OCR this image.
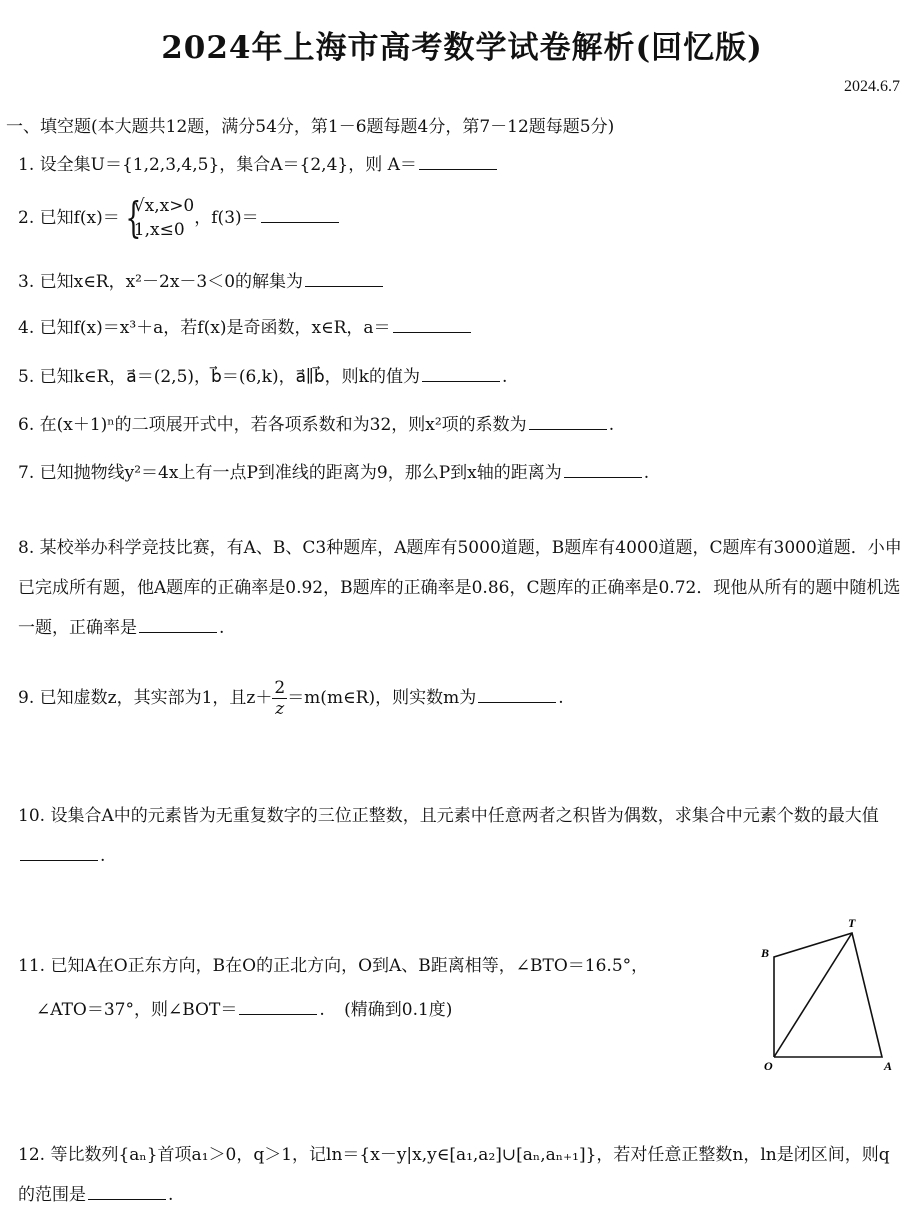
2024年上海市高考数学试卷解析(回忆版)
2024.6.7
一、填空题(本大题共12题，满分54分，第1－6题每题4分，第7－12题每题5分)
1. 设全集U＝{1,2,3,4,5}，集合A＝{2,4}，则 A＝
2. 已知f(x)＝ {
√x,x>0
1,x≤0
，f(3)＝
3. 已知x∈R，x²－2x－3＜0的解集为
4. 已知f(x)＝x³＋a，若f(x)是奇函数，x∈R，a＝
5. 已知k∈R，a⃗＝(2,5)，b⃗＝(6,k)，a⃗∥b⃗，则k的值为	.
6. 在(x＋1)ⁿ的二项展开式中，若各项系数和为32，则x²项的系数为	.
7. 已知抛物线y²＝4x上有一点P到准线的距离为9，那么P到x轴的距离为	.
8. 某校举办科学竞技比赛，有A、B、C3种题库，A题库有5000道题，B题库有4000道题，C题库有3000道题．小申已完成所有题，他A题库的正确率是0.92，B题库的正确率是0.86，C题库的正确率是0.72．现他从所有的题中随机选一题，正确率是	.
9. 已知虚数z，其实部为1，且$z+ \frac{2}{z}$ ＝m(m∈R)，则实数m为	.
10. 设集合A中的元素皆为无重复数字的三位正整数，且元素中任意两者之积皆为偶数，求集合中元素个数的最大值.
11. 已知A在O正东方向，B在O的正北方向，O到A、B距离相等，∠BTO＝16.5°，
∠ATO＝37°，则∠BOT＝	. (精确到0.1度)
T
B
O	A
12. 等比数列{aₙ}首项a₁＞0，q＞1，记ln＝{x－y|x,y∈[a₁,a₂]∪[aₙ,aₙ₊₁]}，若对任意正整数n，ln是闭区间，则q的范围是	.
